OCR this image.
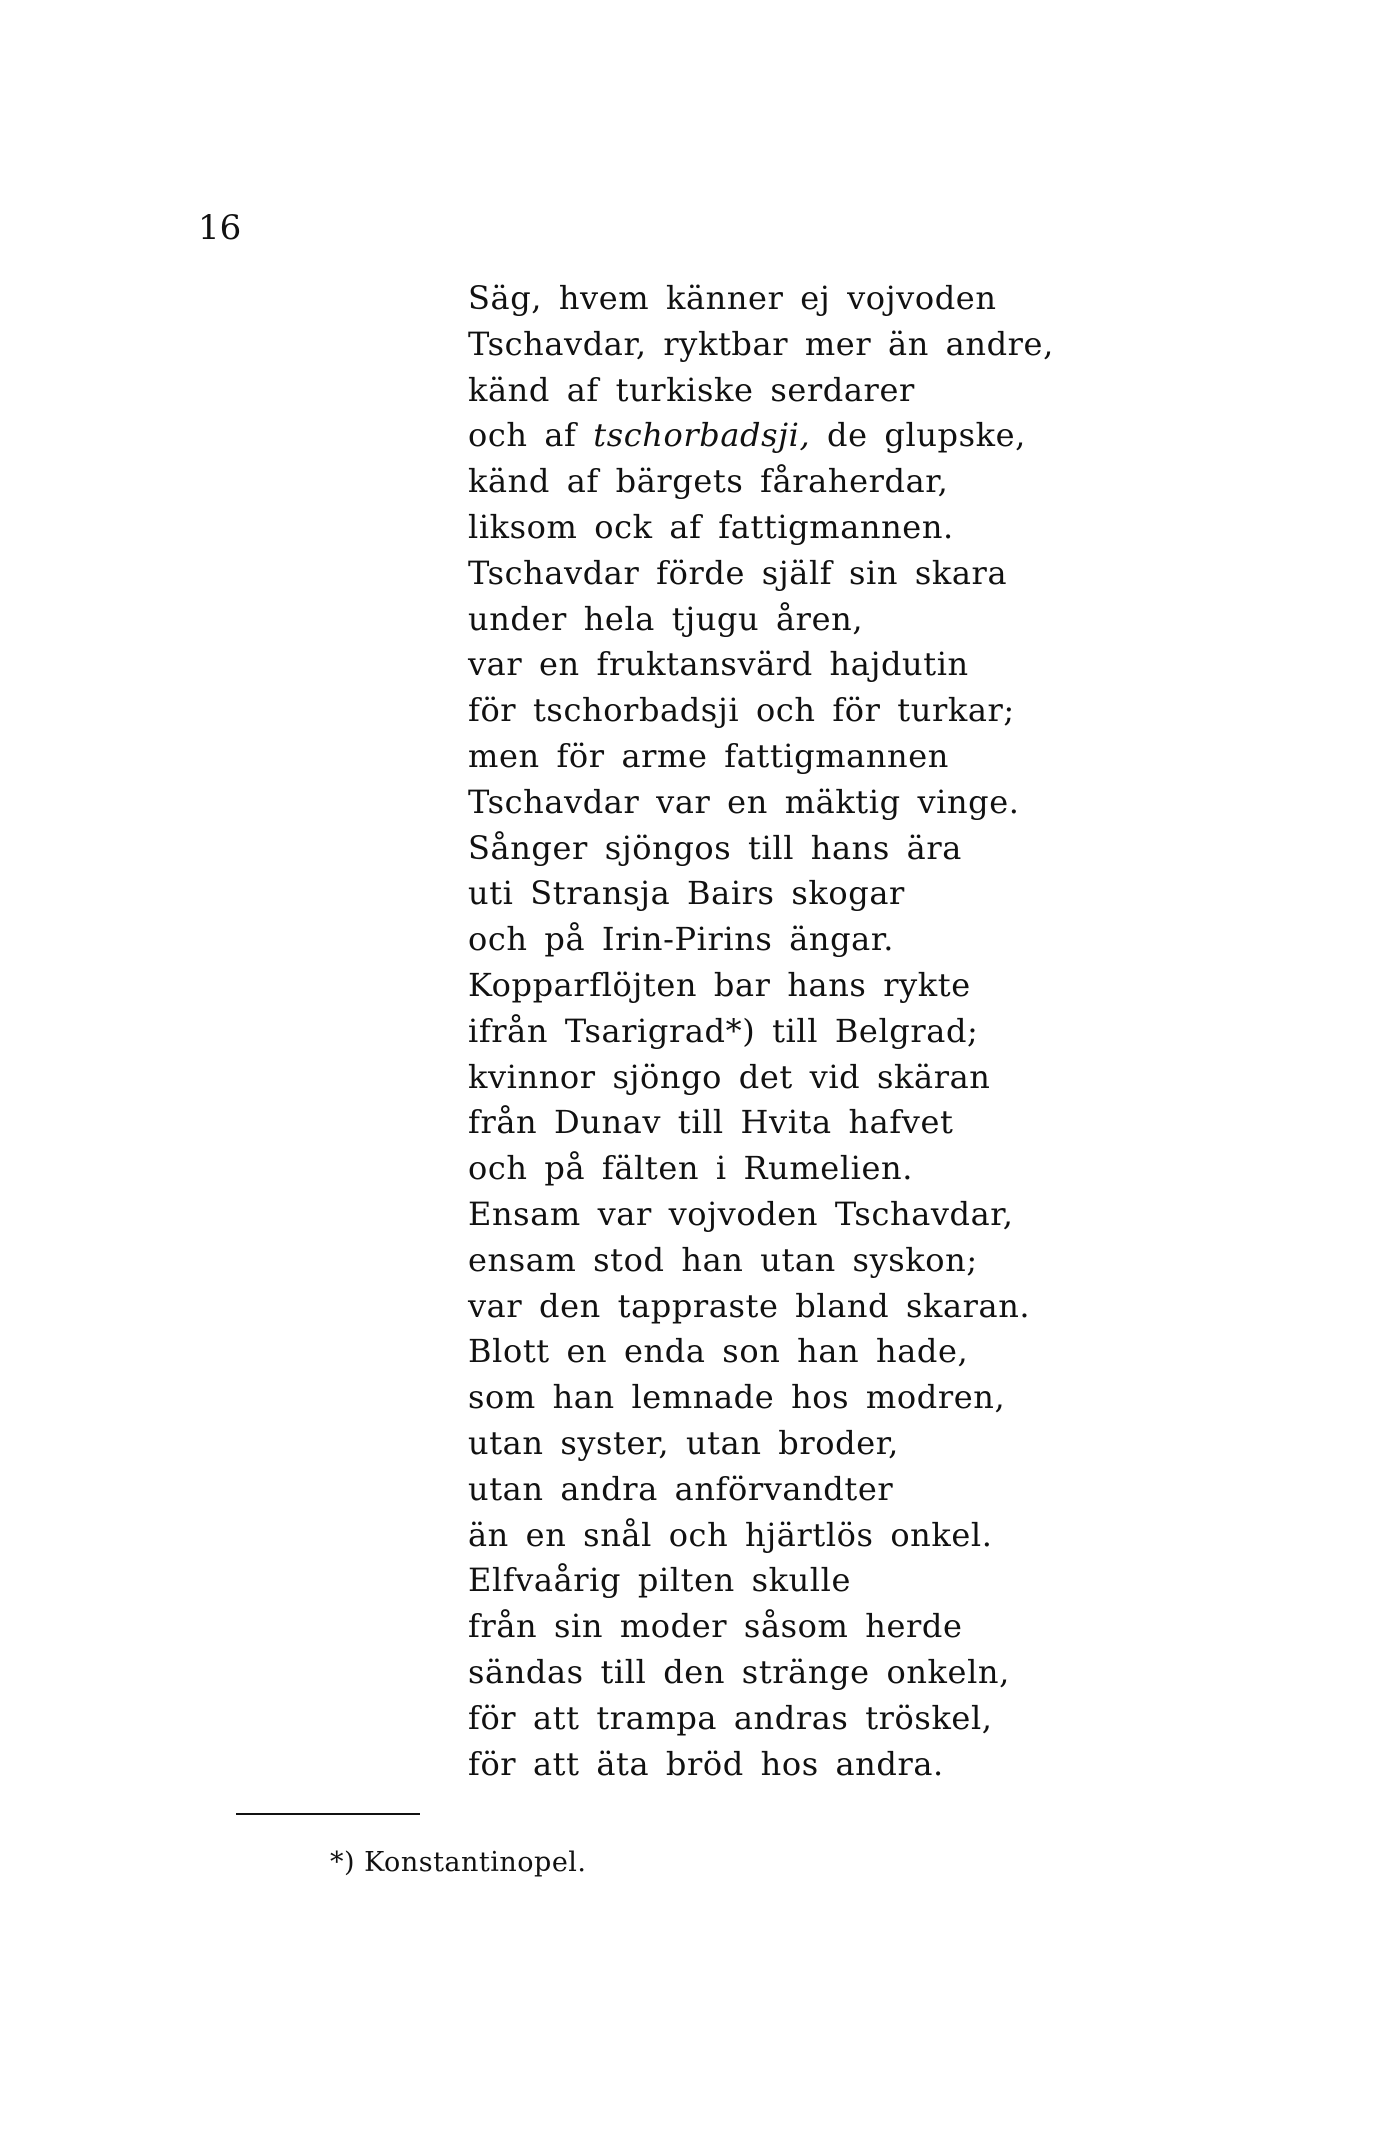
16
Säg, hvem känner ej vojvoden
Tschavdar, ryktbar mer än andre,
känd af turkiske serdarer
och af tschorbadsji, de glupske,
känd af bärgets fåraherdar,
liksom ock af fattigmannen.
Tschavdar förde själf sin skara
under hela tjugu åren,
var en fruktansvärd hajdutin
för tschorbadsji och för turkar;
men för arme fattigmannen
Tschavdar var en mäktig vinge.
Sånger sjöngos till hans ära
uti Stransja Bairs skogar
och på Irin-Pirins ängar.
Kopparflöjten bar hans rykte
ifrån Tsarigrad*) till Belgrad;
kvinnor sjöngo det vid skäran
från Dunav till Hvita hafvet
och på fälten i Rumelien.
Ensam var vojvoden Tschavdar,
ensam stod han utan syskon;
var den tappraste bland skaran.
Blott en enda son han hade,
som han lemnade hos modren,
utan syster, utan broder,
utan andra anförvandter
än en snål och hjärtlös onkel.
Elfvaårig pilten skulle
från sin moder såsom herde
sändas till den stränge onkeln,
för att trampa andras tröskel,
för att äta bröd hos andra.
*) Konstantinopel.
